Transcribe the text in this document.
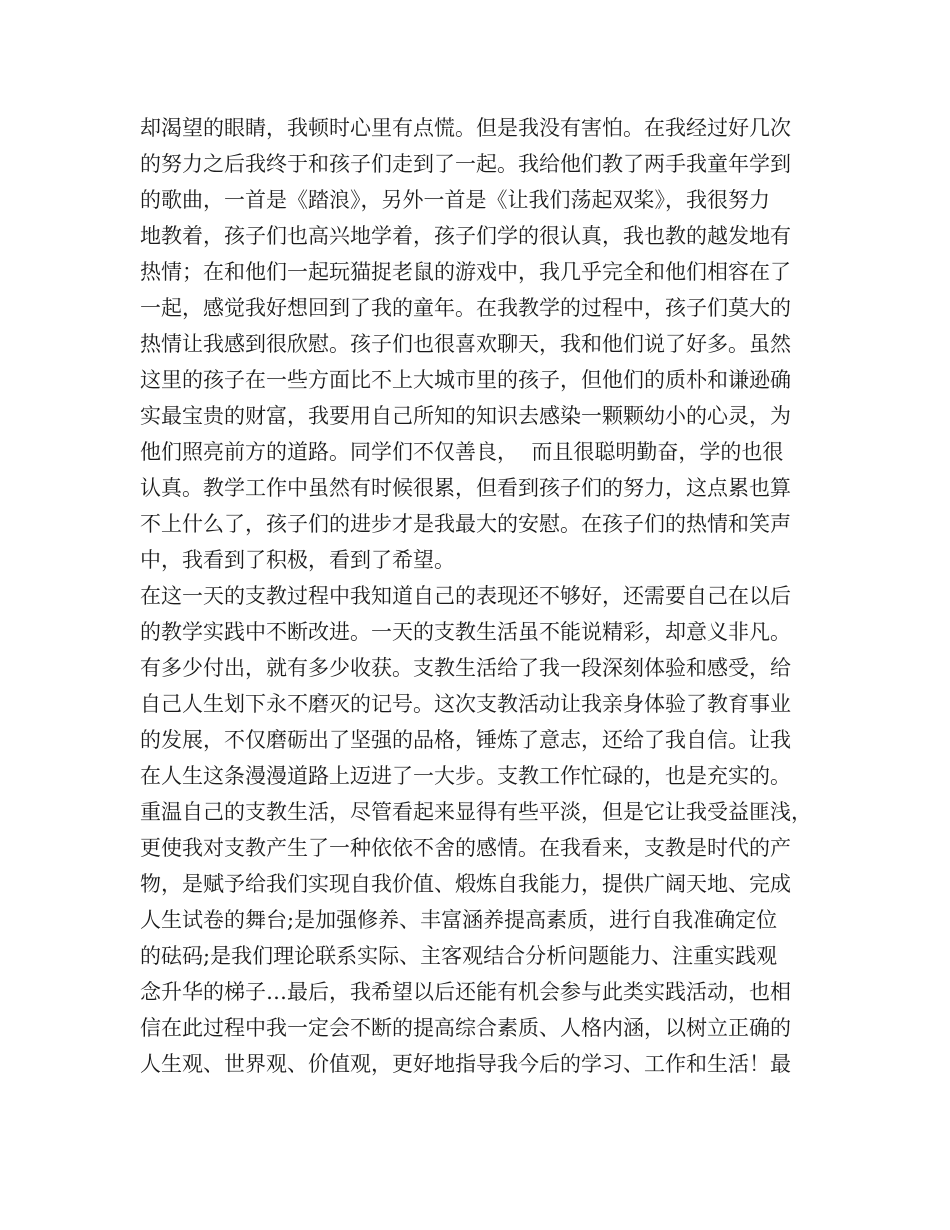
却渴望的眼睛，我顿时心里有点慌。但是我没有害怕。在我经过好几次
的努力之后我终于和孩子们走到了一起。我给他们教了两手我童年学到
的歌曲，一首是《踏浪》，另外一首是《让我们荡起双桨》，我很努力
地教着，孩子们也高兴地学着，孩子们学的很认真，我也教的越发地有
热情；在和他们一起玩猫捉老鼠的游戏中，我几乎完全和他们相容在了
一起，感觉我好想回到了我的童年。在我教学的过程中，孩子们莫大的
热情让我感到很欣慰。孩子们也很喜欢聊天，我和他们说了好多。虽然
这里的孩子在一些方面比不上大城市里的孩子，但他们的质朴和谦逊确
实最宝贵的财富，我要用自己所知的知识去感染一颗颗幼小的心灵，为
他们照亮前方的道路。同学们不仅善良，  而且很聪明勤奋，学的也很
认真。教学工作中虽然有时候很累，但看到孩子们的努力，这点累也算
不上什么了，孩子们的进步才是我最大的安慰。在孩子们的热情和笑声
中，我看到了积极，看到了希望。
在这一天的支教过程中我知道自己的表现还不够好，还需要自己在以后
的教学实践中不断改进。一天的支教生活虽不能说精彩，却意义非凡。
有多少付出，就有多少收获。支教生活给了我一段深刻体验和感受，给
自己人生划下永不磨灭的记号。这次支教活动让我亲身体验了教育事业
的发展，不仅磨砺出了坚强的品格，锤炼了意志，还给了我自信。让我
在人生这条漫漫道路上迈进了一大步。支教工作忙碌的，也是充实的。
重温自己的支教生活，尽管看起来显得有些平淡，但是它让我受益匪浅，
更使我对支教产生了一种依依不舍的感情。在我看来，支教是时代的产
物，是赋予给我们实现自我价值、煅炼自我能力，提供广阔天地、完成
人生试卷的舞台;是加强修养、丰富涵养提高素质，进行自我准确定位
的砝码;是我们理论联系实际、主客观结合分析问题能力、注重实践观
念升华的梯子…最后，我希望以后还能有机会参与此类实践活动，也相
信在此过程中我一定会不断的提高综合素质、人格内涵，以树立正确的
人生观、世界观、价值观，更好地指导我今后的学习、工作和生活！最
